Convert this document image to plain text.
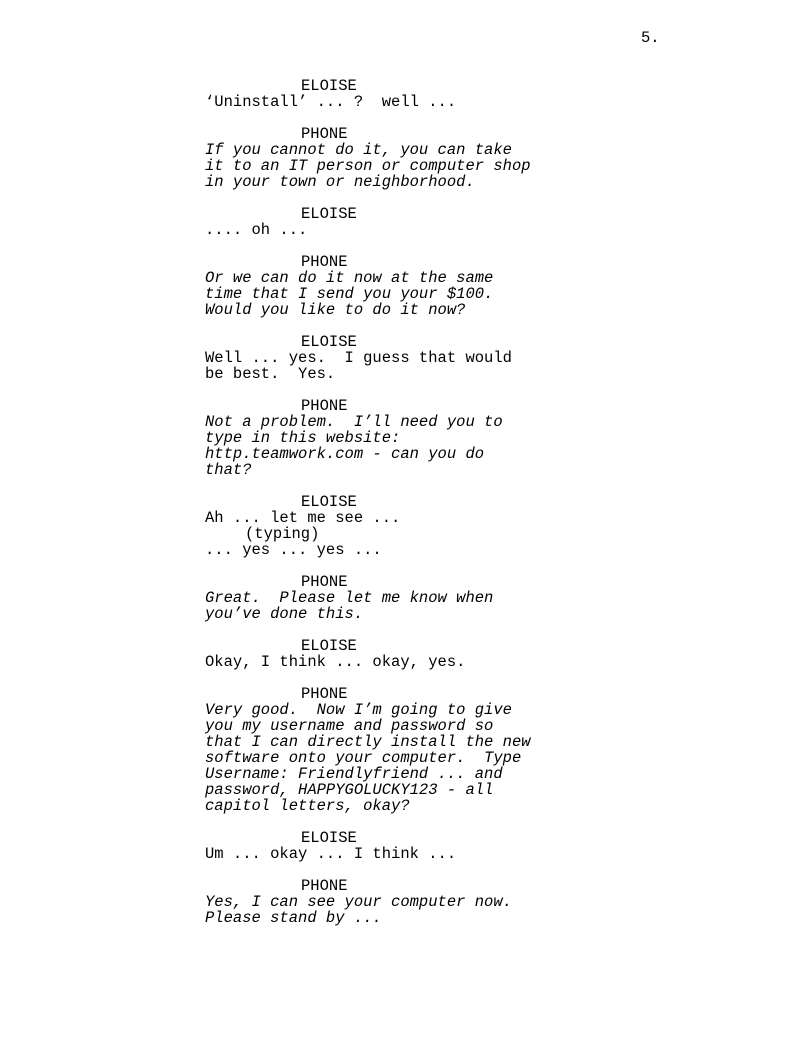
5.
ELOISE
‘Uninstall’ ... ?  well ...
PHONE
If you cannot do it, you can take
it to an IT person or computer shop
in your town or neighborhood.
ELOISE
.... oh ...
PHONE
Or we can do it now at the same
time that I send you your $100.
Would you like to do it now?
ELOISE
Well ... yes.  I guess that would
be best.  Yes.
PHONE
Not a problem.  I’ll need you to
type in this website:
http.teamwork.com - can you do
that?
ELOISE
Ah ... let me see ...
(typing)
... yes ... yes ...
PHONE
Great.  Please let me know when
you’ve done this.
ELOISE
Okay, I think ... okay, yes.
PHONE
Very good.  Now I’m going to give
you my username and password so
that I can directly install the new
software onto your computer.  Type
Username: Friendlyfriend ... and
password, HAPPYGOLUCKY123 - all
capitol letters, okay?
ELOISE
Um ... okay ... I think ...
PHONE
Yes, I can see your computer now.
Please stand by ...
